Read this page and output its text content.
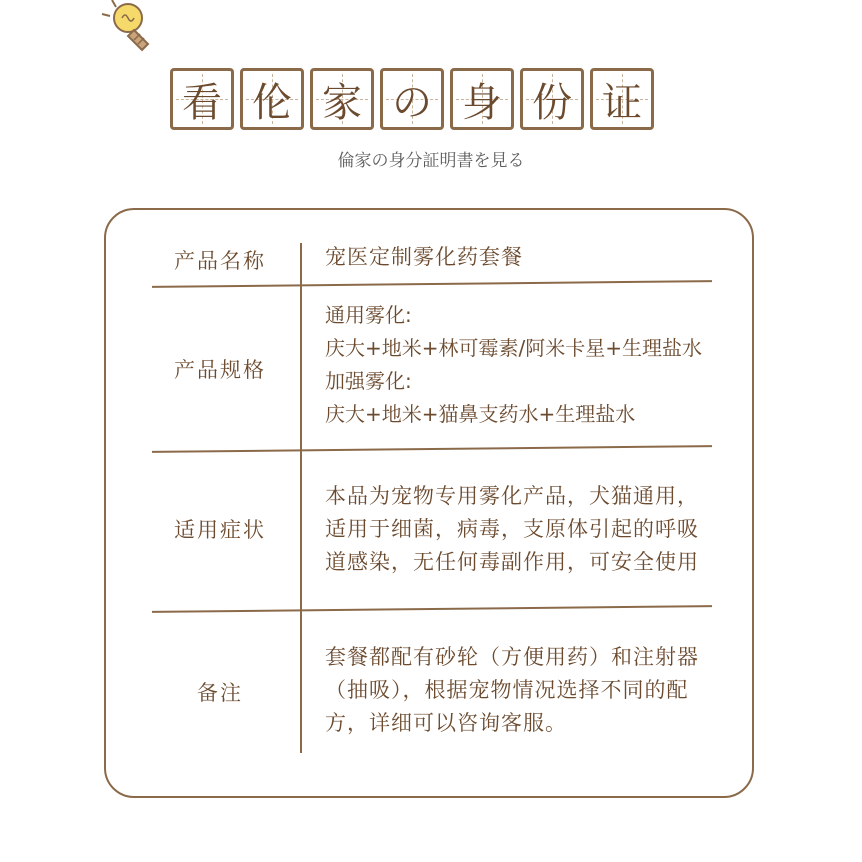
看 伦 家 の 身 份 证
倫家の身分証明書を見る
产品名称	宠医定制雾化药套餐
产品规格
通用雾化:
庆大+地米+林可霉素/阿米卡星+生理盐水
加强雾化:
庆大+地米+猫鼻支药水+生理盐水
适用症状
本品为宠物专用雾化产品，犬猫通用，
适用于细菌，病毒，支原体引起的呼吸
道感染，无任何毒副作用，可安全使用
备注
套餐都配有砂轮（方便用药）和注射器
（抽吸），根据宠物情况选择不同的配
方，详细可以咨询客服。
